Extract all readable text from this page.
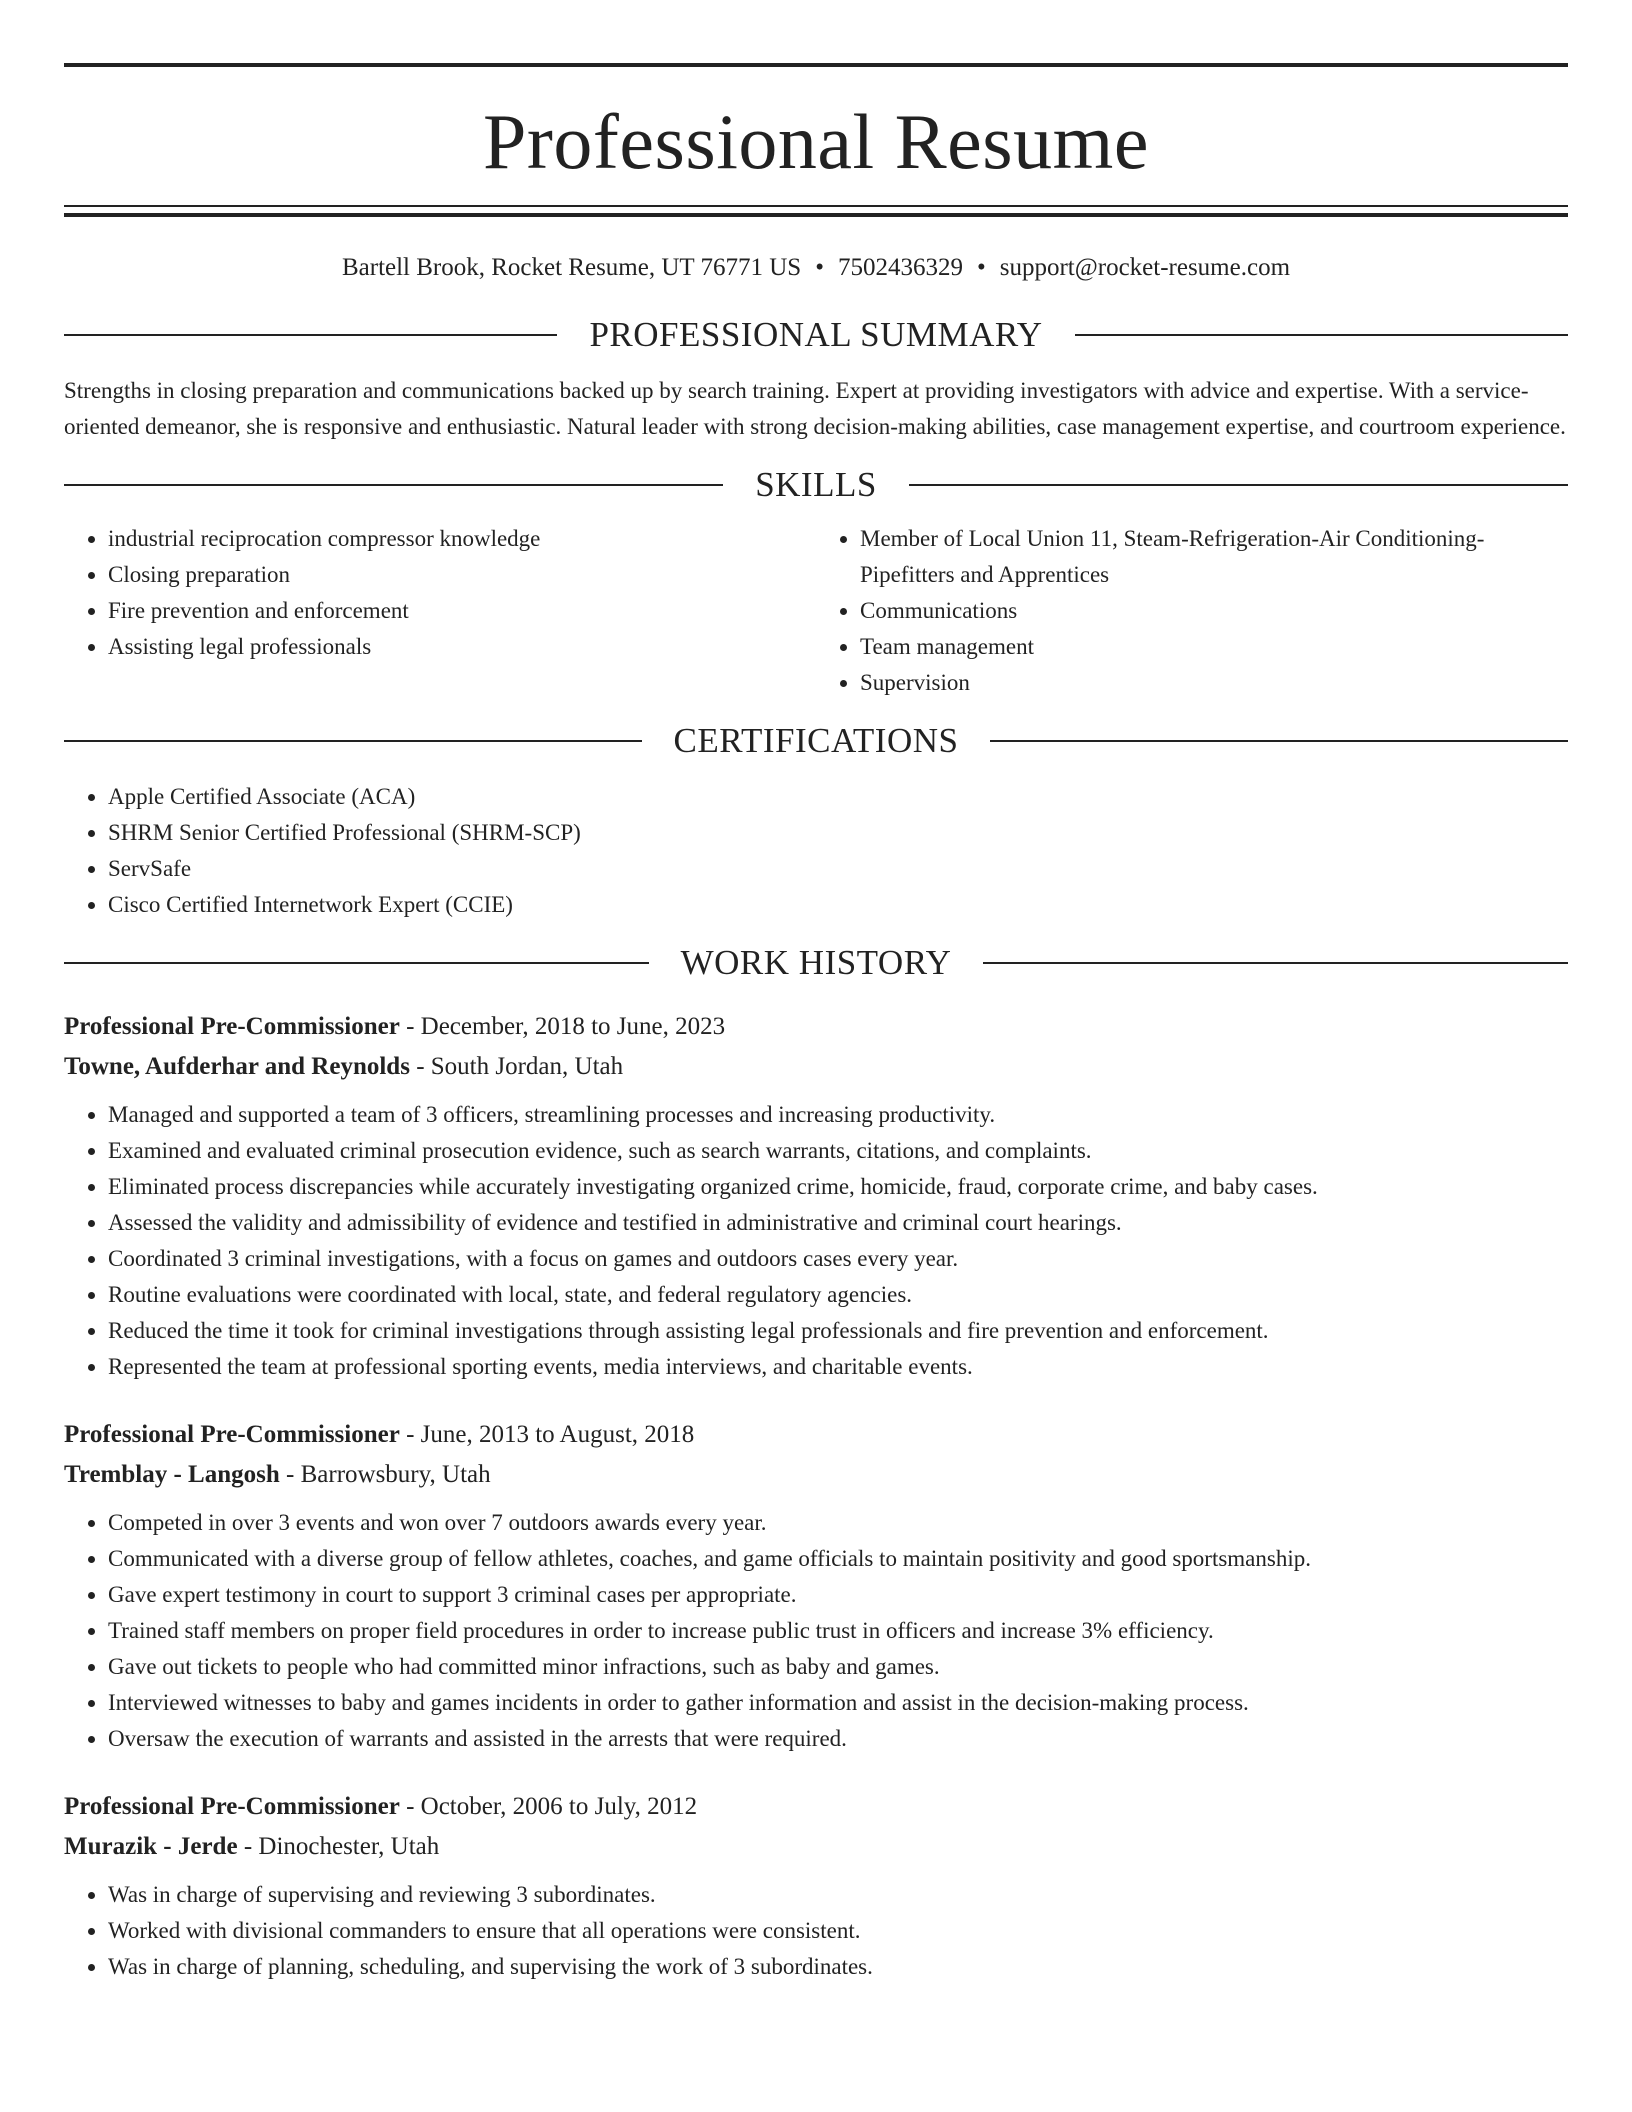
Professional Resume
Bartell Brook, Rocket Resume, UT 76771 US • 7502436329 • support@rocket-resume.com
PROFESSIONAL SUMMARY
Strengths in closing preparation and communications backed up by search training. Expert at providing investigators with advice and expertise. With a service-oriented demeanor, she is responsive and enthusiastic. Natural leader with strong decision-making abilities, case management expertise, and courtroom experience.
SKILLS
• industrial reciprocation compressor knowledge
• Closing preparation
• Fire prevention and enforcement
• Assisting legal professionals
• Member of Local Union 11, Steam-Refrigeration-Air Conditioning-Pipefitters and Apprentices
• Communications
• Team management
• Supervision
CERTIFICATIONS
• Apple Certified Associate (ACA)
• SHRM Senior Certified Professional (SHRM-SCP)
• ServSafe
• Cisco Certified Internetwork Expert (CCIE)
WORK HISTORY
Professional Pre-Commissioner - December, 2018 to June, 2023
Towne, Aufderhar and Reynolds - South Jordan, Utah
• Managed and supported a team of 3 officers, streamlining processes and increasing productivity.
• Examined and evaluated criminal prosecution evidence, such as search warrants, citations, and complaints.
• Eliminated process discrepancies while accurately investigating organized crime, homicide, fraud, corporate crime, and baby cases.
• Assessed the validity and admissibility of evidence and testified in administrative and criminal court hearings.
• Coordinated 3 criminal investigations, with a focus on games and outdoors cases every year.
• Routine evaluations were coordinated with local, state, and federal regulatory agencies.
• Reduced the time it took for criminal investigations through assisting legal professionals and fire prevention and enforcement.
• Represented the team at professional sporting events, media interviews, and charitable events.
Professional Pre-Commissioner - June, 2013 to August, 2018
Tremblay - Langosh - Barrowsbury, Utah
• Competed in over 3 events and won over 7 outdoors awards every year.
• Communicated with a diverse group of fellow athletes, coaches, and game officials to maintain positivity and good sportsmanship.
• Gave expert testimony in court to support 3 criminal cases per appropriate.
• Trained staff members on proper field procedures in order to increase public trust in officers and increase 3% efficiency.
• Gave out tickets to people who had committed minor infractions, such as baby and games.
• Interviewed witnesses to baby and games incidents in order to gather information and assist in the decision-making process.
• Oversaw the execution of warrants and assisted in the arrests that were required.
Professional Pre-Commissioner - October, 2006 to July, 2012
Murazik - Jerde - Dinochester, Utah
• Was in charge of supervising and reviewing 3 subordinates.
• Worked with divisional commanders to ensure that all operations were consistent.
• Was in charge of planning, scheduling, and supervising the work of 3 subordinates.
